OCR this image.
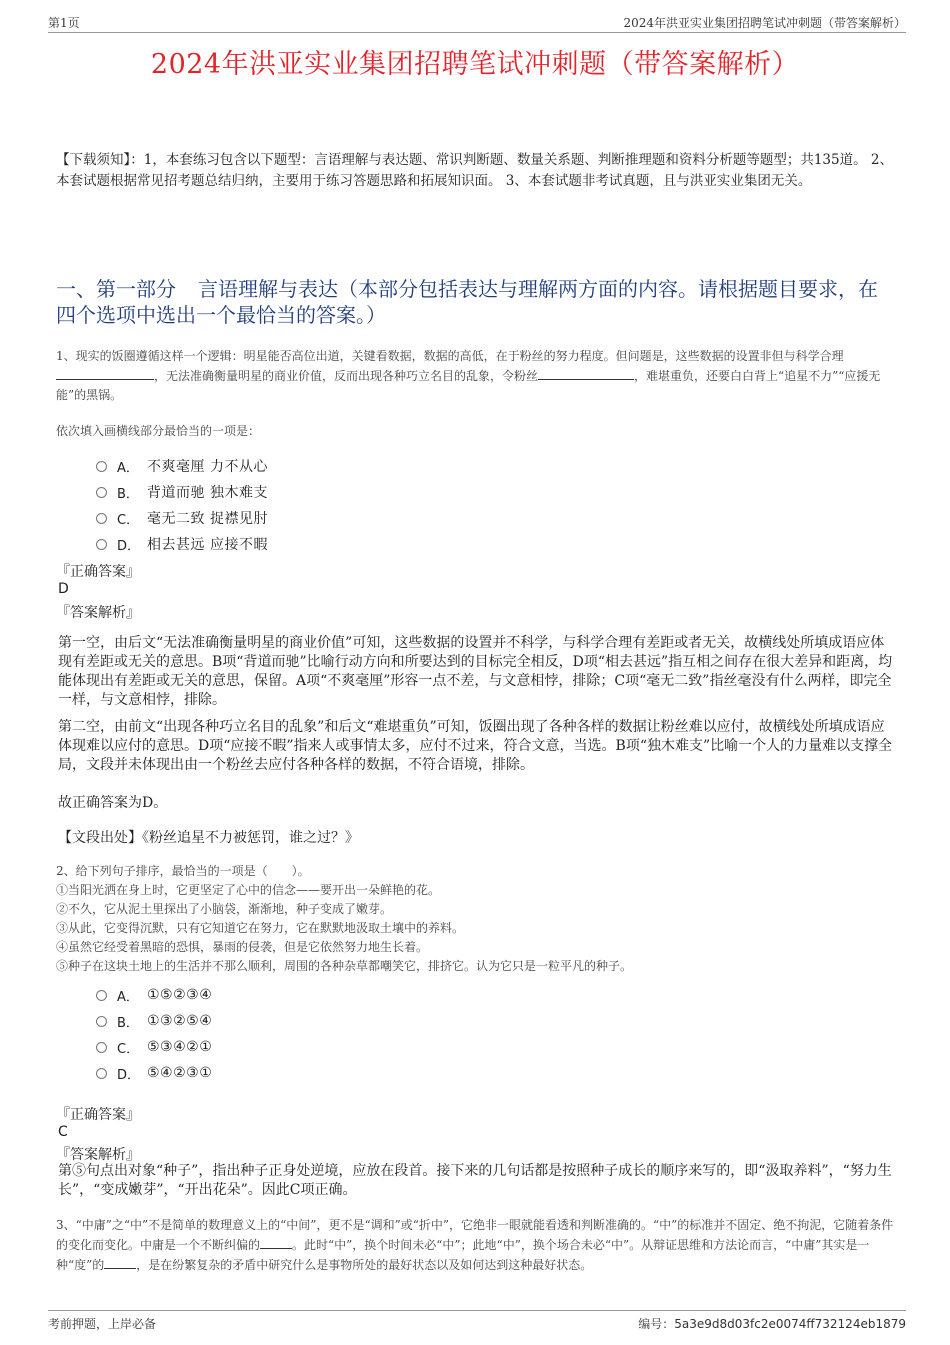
第1页	2024年洪亚实业集团招聘笔试冲刺题（带答案解析）
2024年洪亚实业集团招聘笔试冲刺题（带答案解析）
【下载须知】：1，本套练习包含以下题型：言语理解与表达题、常识判断题、数量关系题、判断推理题和资料分析题等题型；共135道。 2、本套试题根据常见招考题总结归纳，主要用于练习答题思路和拓展知识面。 3、本套试题非考试真题，且与洪亚实业集团无关。
一、第一部分 言语理解与表达（本部分包括表达与理解两方面的内容。请根据题目要求，在四个选项中选出一个最恰当的答案。）
1、现实的饭圈遵循这样一个逻辑：明星能否高位出道，关键看数据，数据的高低，在于粉丝的努力程度。但问题是，这些数据的设置非但与科学合理，无法准确衡量明星的商业价值，反而出现各种巧立名目的乱象，令粉丝	，难堪重负，还要白白背上“追星不力”“应援无能”的黑锅。
依次填入画横线部分最恰当的一项是：
A． 不爽毫厘 力不从心
B． 背道而驰 独木难支
C． 毫无二致 捉襟见肘
D． 相去甚远 应接不暇
『正确答案』
D
『答案解析』
第一空，由后文“无法准确衡量明星的商业价值”可知，这些数据的设置并不科学，与科学合理有差距或者无关，故横线处所填成语应体现有差距或无关的意思。B项“背道而驰”比喻行动方向和所要达到的目标完全相反，D项“相去甚远”指互相之间存在很大差异和距离，均能体现出有差距或无关的意思，保留。A项“不爽毫厘”形容一点不差，与文意相悖，排除；C项“毫无二致”指丝毫没有什么两样，即完全一样，与文意相悖，排除。
第二空，由前文“出现各种巧立名目的乱象”和后文“难堪重负”可知，饭圈出现了各种各样的数据让粉丝难以应付，故横线处所填成语应体现难以应付的意思。D项“应接不暇”指来人或事情太多，应付不过来，符合文意，当选。B项“独木难支”比喻一个人的力量难以支撑全局，文段并未体现出由一个粉丝去应付各种各样的数据，不符合语境，排除。
故正确答案为D。
【文段出处】《粉丝追星不力被惩罚，谁之过？》
2、给下列句子排序，最恰当的一项是（　　）。
①当阳光洒在身上时，它更坚定了心中的信念——要开出一朵鲜艳的花。
②不久，它从泥土里探出了小脑袋，渐渐地，种子变成了嫩芽。
③从此，它变得沉默，只有它知道它在努力，它在默默地汲取土壤中的养料。
④虽然它经受着黑暗的恐惧，暴雨的侵袭，但是它依然努力地生长着。
⑤种子在这块土地上的生活并不那么顺利，周围的各种杂草都嘲笑它，排挤它。认为它只是一粒平凡的种子。
A． ①⑤②③④
B． ①③②⑤④
C． ⑤③④②①
D． ⑤④②③①
『正确答案』
C
『答案解析』
第⑤句点出对象“种子”，指出种子正身处逆境，应放在段首。接下来的几句话都是按照种子成长的顺序来写的，即“汲取养料”，“努力生长”，“变成嫩芽”，“开出花朵”。因此C项正确。
3、“中庸”之“中”不是简单的数理意义上的“中间”，更不是“调和”或“折中”，它绝非一眼就能看透和判断准确的。“中”的标准并不固定、绝不拘泥，它随着条件的变化而变化。中庸是一个不断纠偏的	。此时“中”，换个时间未必“中”；此地“中”，换个场合未必“中”。从辩证思维和方法论而言，“中庸”其实是一种“度”的	，是在纷繁复杂的矛盾中研究什么是事物所处的最好状态以及如何达到这种最好状态。
考前押题，上岸必备	编号：5a3e9d8d03fc2e0074ff732124eb1879
